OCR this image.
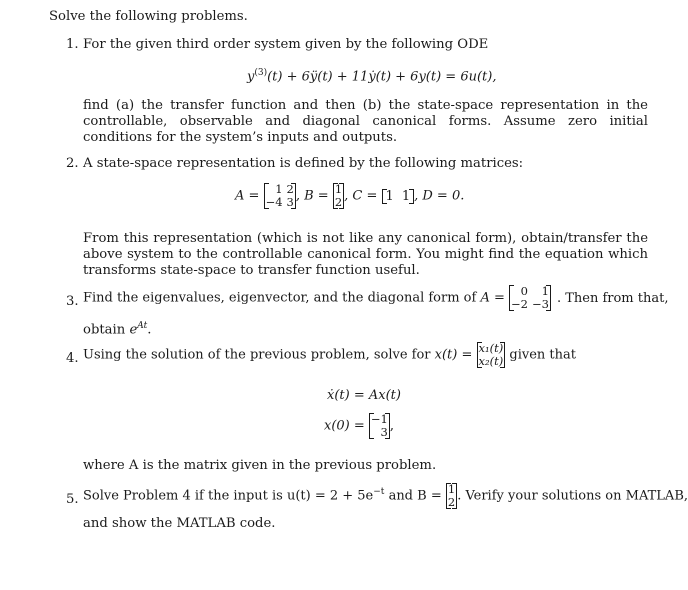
Solve the following problems.
1. For the given third order system given by the following ODE
$y^{(3)}(t)$ + 6ÿ(t) + 11ẏ(t) + 6y(t) = 6u(t),
find (a) the transfer function and then (b) the state-space representation in the controllable, observable and diagonal canonical forms. Assume zero initial conditions for the system’s inputs and outputs.
2. A state-space representation is defined by the following matrices:
A = 1	2
−4	3 , B = 1
2 , C = 1	1 , D = 0.
From this representation (which is not like any canonical form), obtain/transfer the above system to the controllable canonical form. You might find the equation which transforms state-space to transfer function useful.
3. Find the eigenvalues, eigenvector, and the diagonal form of A = 0	1
−2	−3 . Then from that,
obtain $e^{At}$.
4. Using the solution of the previous problem, solve for x(t) = x₁(t)
x₂(t) given that
ẋ(t) = Ax(t)
x(0) = −1
3 ,
where A is the matrix given in the previous problem.
5. Solve Problem 4 if the input is $u(t) = 2 + 5e^{-t}$ and B = 1
2 . Verify your solutions on MATLAB,
and show the MATLAB code.
